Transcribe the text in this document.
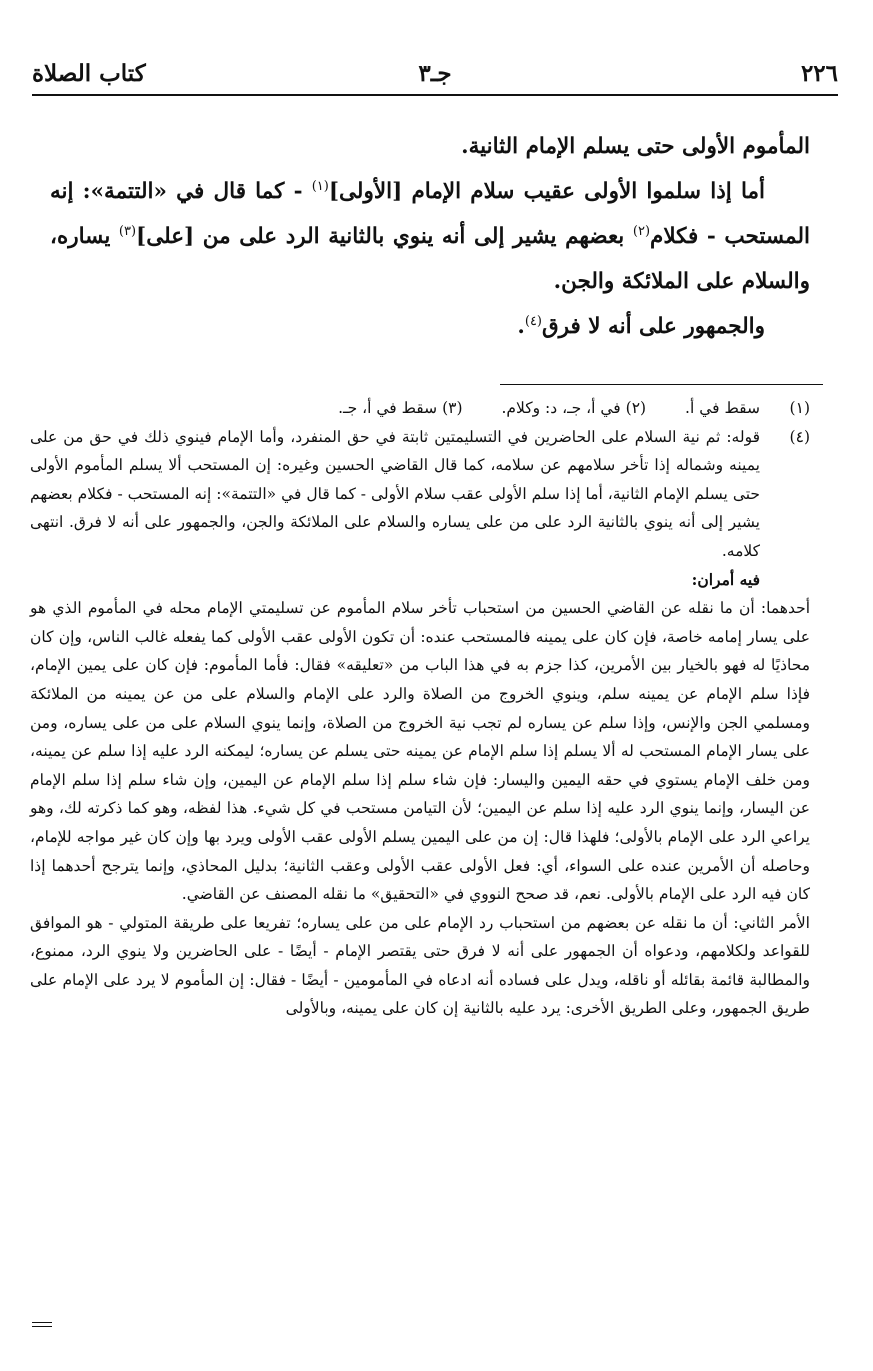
٢٢٦
جـ٣
كتاب الصلاة

المأموم الأولى حتى يسلم الإمام الثانية.

أما إذا سلموا الأولى عقيب سلام الإمام [الأولى]$^{(١)}$ - كما قال في «التتمة»: إنه المستحب - فكلام$^{(٢)}$ بعضهم يشير إلى أنه ينوي بالثانية الرد على من [على]$^{(٣)}$ يساره، والسلام على الملائكة والجن.

والجمهور على أنه لا فرق$^{(٤)}$.

(١)
سقط في أ. (٢) في أ، جـ، د: وكلام. (٣) سقط في أ، جـ.
(٤)

قوله: ثم نية السلام على الحاضرين في التسليمتين ثابتة في حق المنفرد، وأما الإمام فينوي ذلك في حق من على يمينه وشماله إذا تأخر سلامهم عن سلامه، كما قال القاضي الحسين وغيره: إن المستحب ألا يسلم المأموم الأولى حتى يسلم الإمام الثانية، أما إذا سلم الأولى عقب سلام الأولى - كما قال في «التتمة»: إنه المستحب - فكلام بعضهم يشير إلى أنه ينوي بالثانية الرد على من على يساره والسلام على الملائكة والجن، والجمهور على أنه لا فرق. انتهى كلامه.

فيه أمران:

أحدهما: أن ما نقله عن القاضي الحسين من استحباب تأخر سلام المأموم عن تسليمتي الإمام محله في المأموم الذي هو على يسار إمامه خاصة، فإن كان على يمينه فالمستحب عنده: أن تكون الأولى عقب الأولى كما يفعله غالب الناس، وإن كان محاذيًا له فهو بالخيار بين الأمرين، كذا جزم به في هذا الباب من «تعليقه» فقال: فأما المأموم: فإن كان على يمين الإمام، فإذا سلم الإمام عن يمينه سلم، وينوي الخروج من الصلاة والرد على الإمام والسلام على من عن يمينه من الملائكة ومسلمي الجن والإنس، وإذا سلم عن يساره لم تجب نية الخروج من الصلاة، وإنما ينوي السلام على من على يساره، ومن على يسار الإمام المستحب له ألا يسلم إذا سلم الإمام عن يمينه حتى يسلم عن يساره؛ ليمكنه الرد عليه إذا سلم عن يمينه، ومن خلف الإمام يستوي في حقه اليمين واليسار: فإن شاء سلم إذا سلم الإمام عن اليمين، وإن شاء سلم إذا سلم الإمام عن اليسار، وإنما ينوي الرد عليه إذا سلم عن اليمين؛ لأن التيامن مستحب في كل شيء. هذا لفظه، وهو كما ذكرته لك، وهو يراعي الرد على الإمام بالأولى؛ فلهذا قال: إن من على اليمين يسلم الأولى عقب الأولى ويرد بها وإن كان غير مواجه للإمام، وحاصله أن الأمرين عنده على السواء، أي: فعل الأولى عقب الأولى وعقب الثانية؛ بدليل المحاذي، وإنما يترجح أحدهما إذا كان فيه الرد على الإمام بالأولى. نعم، قد صحح النووي في «التحقيق» ما نقله المصنف عن القاضي.

الأمر الثاني: أن ما نقله عن بعضهم من استحباب رد الإمام على من على يساره؛ تفريعا على طريقة المتولي - هو الموافق للقواعد ولكلامهم، ودعواه أن الجمهور على أنه لا فرق حتى يقتصر الإمام - أيضًا - على الحاضرين ولا ينوي الرد، ممنوع، والمطالبة قائمة بقائله أو ناقله، ويدل على فساده أنه ادعاه في المأمومين - أيضًا - فقال: إن المأموم لا يرد على الإمام على طريق الجمهور، وعلى الطريق الأخرى: يرد عليه بالثانية إن كان على يمينه، وبالأولى
